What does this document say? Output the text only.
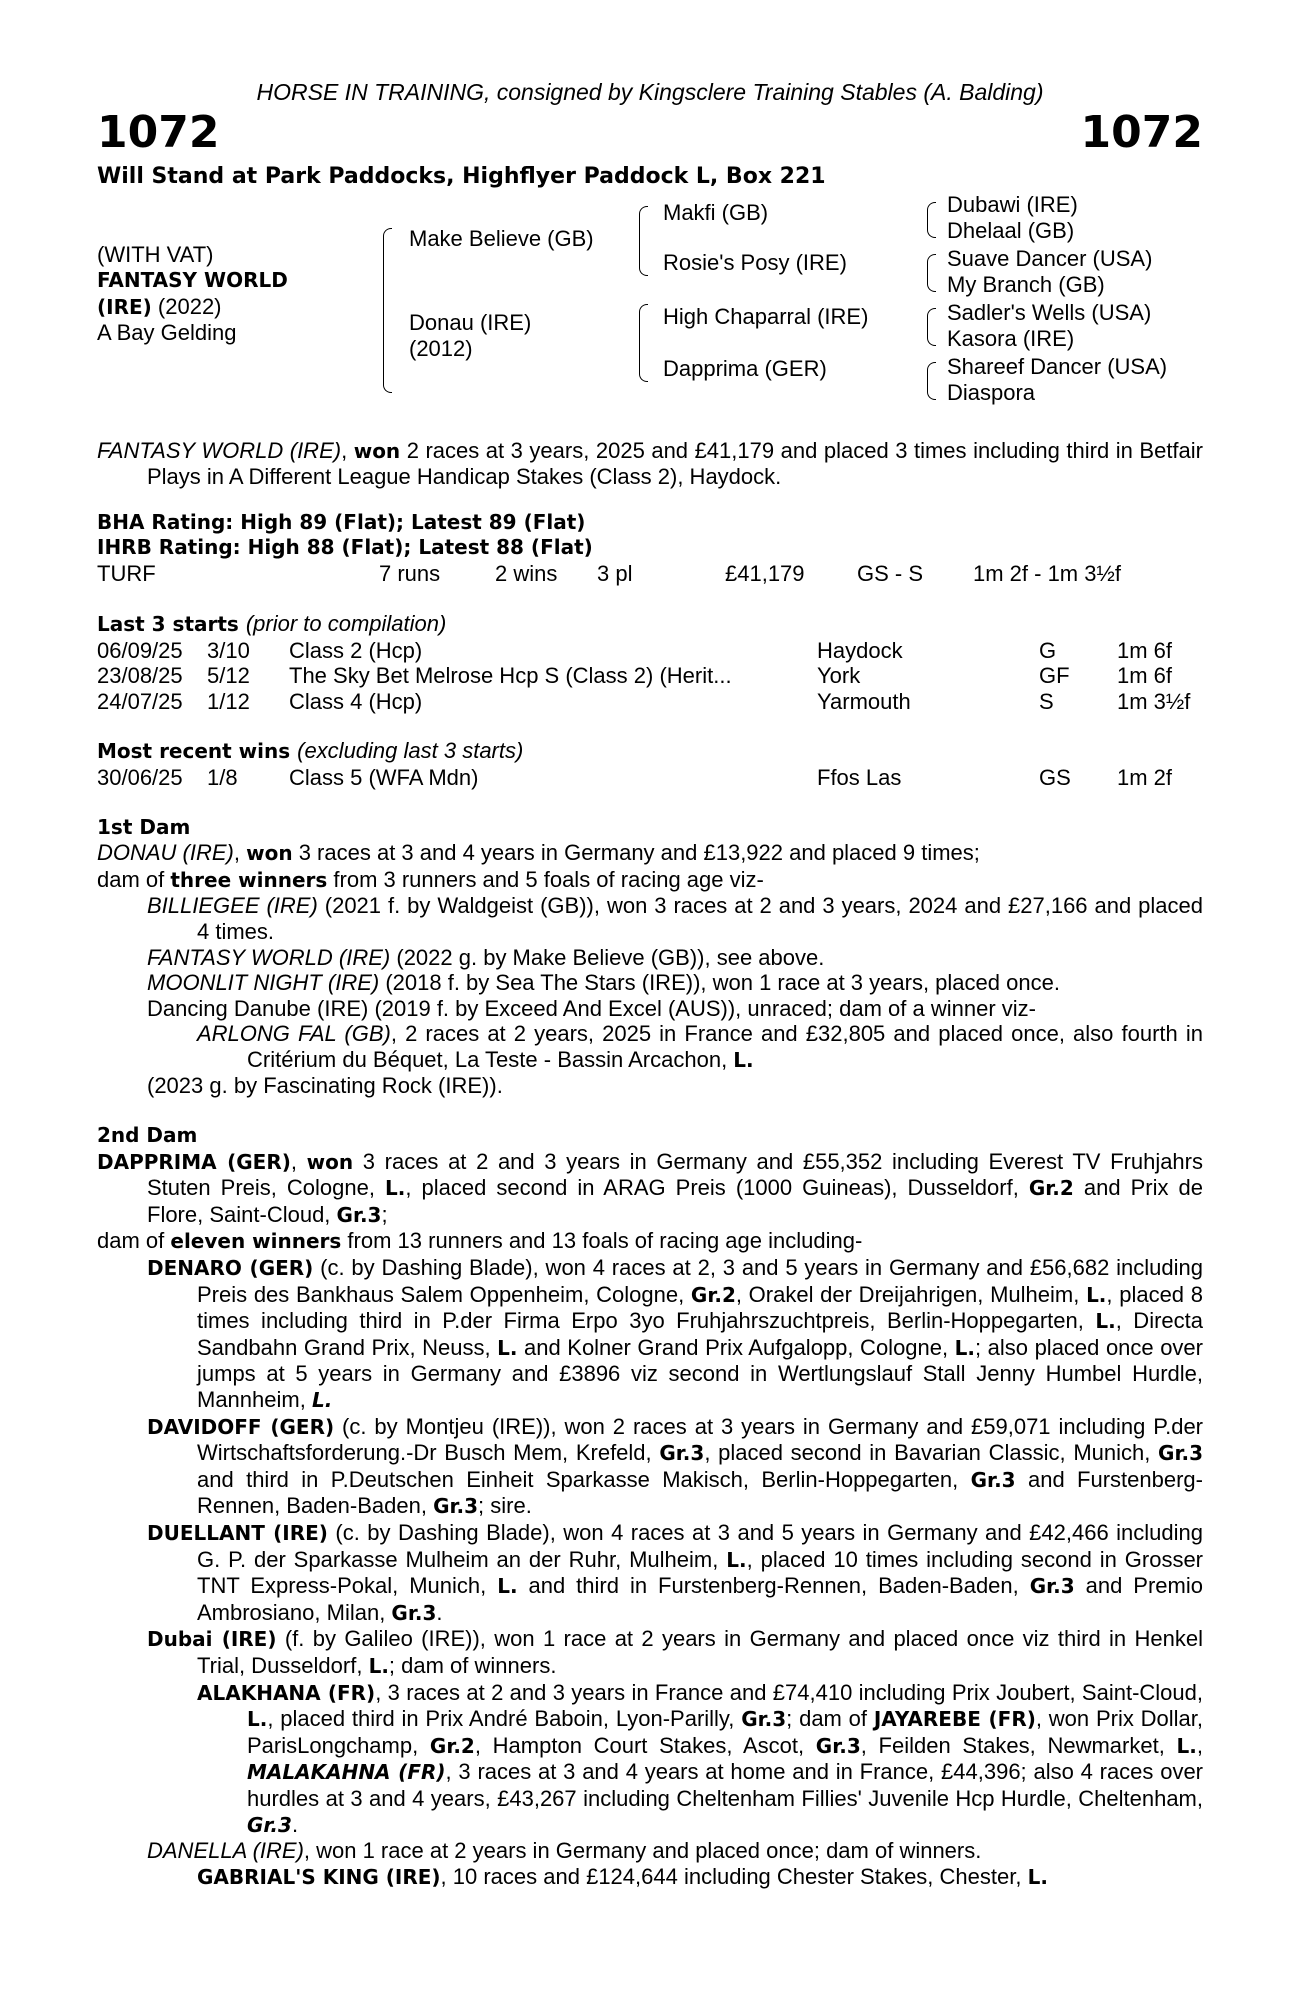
HORSE IN TRAINING, consigned by Kingsclere Training Stables (A. Balding)
1072	1072
Will Stand at Park Paddocks, Highflyer Paddock L, Box 221
(WITH VAT)
FANTASY WORLD
(IRE) (2022)
A Bay Gelding
Make Believe (GB)
Donau (IRE)
(2012)
Makfi (GB)
Rosie's Posy (IRE)
High Chaparral (IRE)
Dapprima (GER)
Dubawi (IRE)
Dhelaal (GB)
Suave Dancer (USA)
My Branch (GB)
Sadler's Wells (USA)
Kasora (IRE)
Shareef Dancer (USA)
Diaspora

FANTASY WORLD (IRE), won 2 races at 3 years, 2025 and £41,179 and placed 3 times including third in Betfair Plays in A Different League Handicap Stakes (Class 2), Haydock.

BHA Rating: High 89 (Flat); Latest 89 (Flat)
IHRB Rating: High 88 (Flat); Latest 88 (Flat)
TURF	7 runs 2 wins 3 pl	£41,179 GS - S 1m 2f - 1m 3½f
Last 3 starts (prior to compilation)
06/09/25 3/10 Class 2 (Hcp)	Haydock	G	1m 6f
23/08/25 5/12 The Sky Bet Melrose Hcp S (Class 2) (Herit...	York	GF 1m 6f
24/07/25 1/12 Class 4 (Hcp)	Yarmouth	S	1m 3½f
Most recent wins (excluding last 3 starts)
30/06/25 1/8 Class 5 (WFA Mdn)	Ffos Las	GS 1m 2f
1st Dam

DONAU (IRE), won 3 races at 3 and 4 years in Germany and £13,922 and placed 9 times;

dam of three winners from 3 runners and 5 foals of racing age viz-

BILLIEGEE (IRE) (2021 f. by Waldgeist (GB)), won 3 races at 2 and 3 years, 2024 and £27,166 and placed 4 times.

FANTASY WORLD (IRE) (2022 g. by Make Believe (GB)), see above.

MOONLIT NIGHT (IRE) (2018 f. by Sea The Stars (IRE)), won 1 race at 3 years, placed once.

Dancing Danube (IRE) (2019 f. by Exceed And Excel (AUS)), unraced; dam of a winner viz-

ARLONG FAL (GB), 2 races at 2 years, 2025 in France and £32,805 and placed once, also fourth in Critérium du Béquet, La Teste - Bassin Arcachon, L.

(2023 g. by Fascinating Rock (IRE)).

2nd Dam

DAPPRIMA (GER), won 3 races at 2 and 3 years in Germany and £55,352 including Everest TV Fruhjahrs Stuten Preis, Cologne, L., placed second in ARAG Preis (1000 Guineas), Dusseldorf, Gr.2 and Prix de Flore, Saint-Cloud, Gr.3;

dam of eleven winners from 13 runners and 13 foals of racing age including-

DENARO (GER) (c. by Dashing Blade), won 4 races at 2, 3 and 5 years in Germany and £56,682 including Preis des Bankhaus Salem Oppenheim, Cologne, Gr.2, Orakel der Dreijahrigen, Mulheim, L., placed 8 times including third in P.der Firma Erpo 3yo Fruhjahrszuchtpreis, Berlin-Hoppegarten, L., Directa Sandbahn Grand Prix, Neuss, L. and Kolner Grand Prix Aufgalopp, Cologne, L.; also placed once over jumps at 5 years in Germany and £3896 viz second in Wertlungslauf Stall Jenny Humbel Hurdle, Mannheim, L.

DAVIDOFF (GER) (c. by Montjeu (IRE)), won 2 races at 3 years in Germany and £59,071 including P.der Wirtschaftsforderung.-Dr Busch Mem, Krefeld, Gr.3, placed second in Bavarian Classic, Munich, Gr.3 and third in P.Deutschen Einheit Sparkasse Makisch, Berlin-Hoppegarten, Gr.3 and Furstenberg-Rennen, Baden-Baden, Gr.3; sire.

DUELLANT (IRE) (c. by Dashing Blade), won 4 races at 3 and 5 years in Germany and £42,466 including G. P. der Sparkasse Mulheim an der Ruhr, Mulheim, L., placed 10 times including second in Grosser TNT Express-Pokal, Munich, L. and third in Furstenberg-Rennen, Baden-Baden, Gr.3 and Premio Ambrosiano, Milan, Gr.3.

Dubai (IRE) (f. by Galileo (IRE)), won 1 race at 2 years in Germany and placed once viz third in Henkel Trial, Dusseldorf, L.; dam of winners.

ALAKHANA (FR), 3 races at 2 and 3 years in France and £74,410 including Prix Joubert, Saint-Cloud, L., placed third in Prix André Baboin, Lyon-Parilly, Gr.3; dam of JAYAREBE (FR), won Prix Dollar, ParisLongchamp, Gr.2, Hampton Court Stakes, Ascot, Gr.3, Feilden Stakes, Newmarket, L., MALAKAHNA (FR), 3 races at 3 and 4 years at home and in France, £44,396; also 4 races over hurdles at 3 and 4 years, £43,267 including Cheltenham Fillies' Juvenile Hcp Hurdle, Cheltenham, Gr.3.

DANELLA (IRE), won 1 race at 2 years in Germany and placed once; dam of winners.

GABRIAL'S KING (IRE), 10 races and £124,644 including Chester Stakes, Chester, L.
